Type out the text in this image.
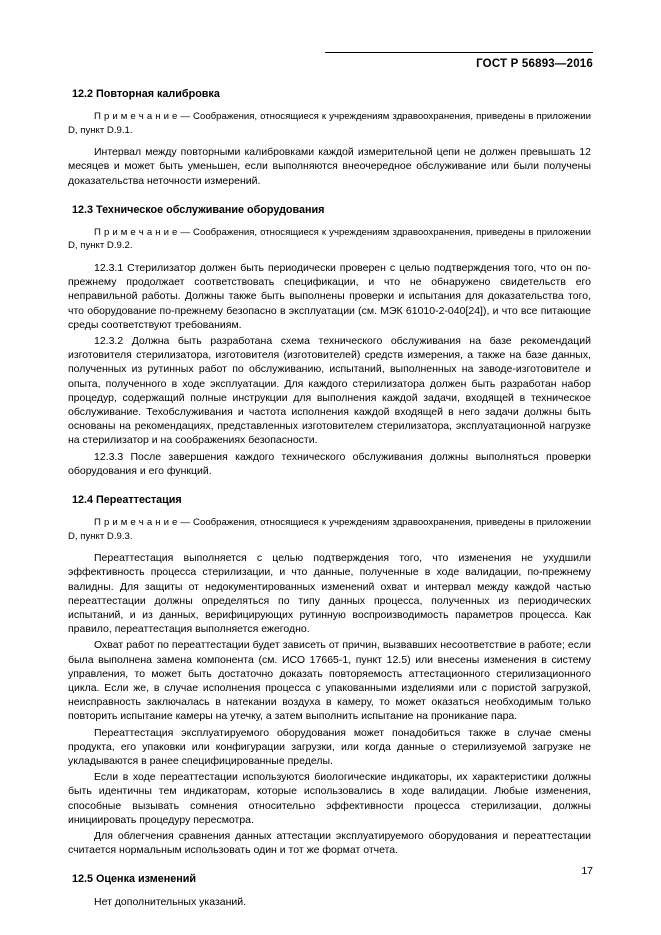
ГОСТ Р 56893—2016
12.2 Повторная калибровка
П р и м е ч а н и е — Соображения, относящиеся к учреждениям здравоохранения, приведены в приложении D, пункт D.9.1.

Интервал между повторными калибровками каждой измерительной цепи не должен превышать 12 месяцев и может быть уменьшен, если выполняются внеочередное обслуживание или были получены доказательства неточности измерений.

12.3 Техническое обслуживание оборудования
П р и м е ч а н и е — Соображения, относящиеся к учреждениям здравоохранения, приведены в приложении D, пункт D.9.2.

12.3.1 Стерилизатор должен быть периодически проверен с целью подтверждения того, что он по-прежнему продолжает соответствовать спецификации, и что не обнаружено свидетельств его неправильной работы. Должны также быть выполнены проверки и испытания для доказательства того, что оборудование по-прежнему безопасно в эксплуатации (см. МЭК 61010-2-040[24]), и что все питающие среды соответствуют требованиям.

12.3.2 Должна быть разработана схема технического обслуживания на базе рекомендаций изготовителя стерилизатора, изготовителя (изготовителей) средств измерения, а также на базе данных, полученных из рутинных работ по обслуживанию, испытаний, выполненных на заводе-изготовителе и опыта, полученного в ходе эксплуатации. Для каждого стерилизатора должен быть разработан набор процедур, содержащий полные инструкции для выполнения каждой задачи, входящей в техническое обслуживание. Техобслуживания и частота исполнения каждой входящей в него задачи должны быть основаны на рекомендациях, представленных изготовителем стерилизатора, эксплуатационной нагрузке на стерилизатор и на соображениях безопасности.

12.3.3 После завершения каждого технического обслуживания должны выполняться проверки оборудования и его функций.

12.4 Переаттестация
П р и м е ч а н и е — Соображения, относящиеся к учреждениям здравоохранения, приведены в приложении D, пункт D.9.3.

Переаттестация выполняется с целью подтверждения того, что изменения не ухудшили эффективность процесса стерилизации, и что данные, полученные в ходе валидации, по-прежнему валидны. Для защиты от недокументированных изменений охват и интервал между каждой частью переаттестации должны определяться по типу данных процесса, полученных из периодических испытаний, и из данных, верифицирующих рутинную воспроизводимость параметров процесса. Как правило, переаттестация выполняется ежегодно.

Охват работ по переаттестации будет зависеть от причин, вызвавших несоответствие в работе; если была выполнена замена компонента (см. ИСО 17665-1, пункт 12.5) или внесены изменения в систему управления, то может быть достаточно доказать повторяемость аттестационного стерилизационного цикла. Если же, в случае исполнения процесса с упакованными изделиями или с пористой загрузкой, неисправность заключалась в натекании воздуха в камеру, то может оказаться необходимым только повторить испытание камеры на утечку, а затем выполнить испытание на проникание пара.

Переаттестация эксплуатируемого оборудования может понадобиться также в случае смены продукта, его упаковки или конфигурации загрузки, или когда данные о стерилизуемой загрузке не укладываются в ранее специфицированные пределы.

Если в ходе переаттестации используются биологические индикаторы, их характеристики должны быть идентичны тем индикаторам, которые использовались в ходе валидации. Любые изменения, способные вызывать сомнения относительно эффективности процесса стерилизации, должны инициировать процедуру пересмотра.

Для облегчения сравнения данных аттестации эксплуатируемого оборудования и переаттестации считается нормальным использовать один и тот же формат отчета.

12.5 Оценка изменений

Нет дополнительных указаний.

17
